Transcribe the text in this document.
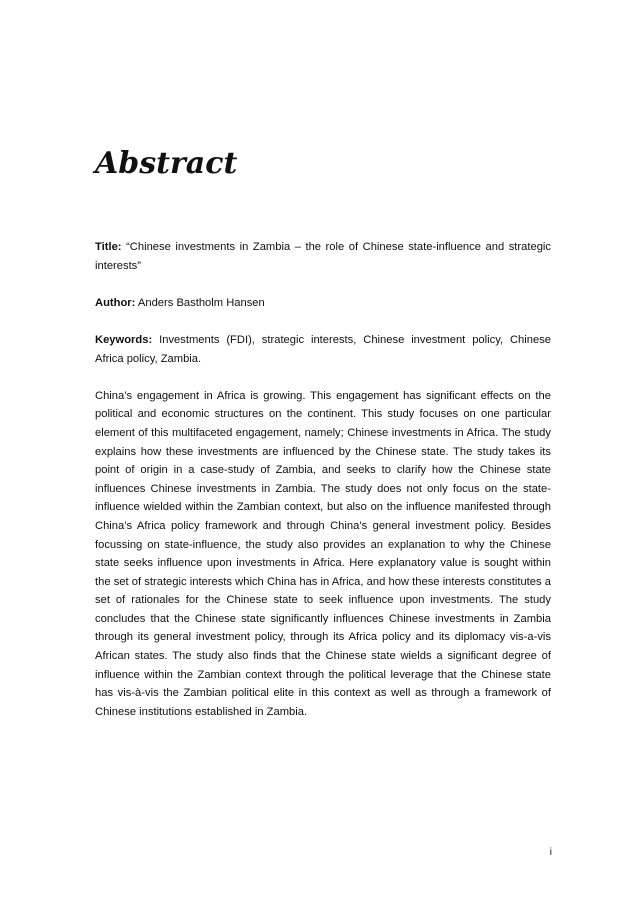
Abstract

Title: “Chinese investments in Zambia – the role of Chinese state-influence and strategic interests”

Author: Anders Bastholm Hansen

Keywords: Investments (FDI), strategic interests, Chinese investment policy, Chinese Africa policy, Zambia.

China’s engagement in Africa is growing. This engagement has significant effects on the political and economic structures on the continent. This study focuses on one particular element of this multifaceted engagement, namely; Chinese investments in Africa. The study explains how these investments are influenced by the Chinese state. The study takes its point of origin in a case-study of Zambia, and seeks to clarify how the Chinese state influences Chinese investments in Zambia. The study does not only focus on the state-influence wielded within the Zambian context, but also on the influence manifested through China’s Africa policy framework and through China’s general investment policy. Besides focussing on state-influence, the study also provides an explanation to why the Chinese state seeks influence upon investments in Africa. Here explanatory value is sought within the set of strategic interests which China has in Africa, and how these interests constitutes a set of rationales for the Chinese state to seek influence upon investments. The study concludes that the Chinese state significantly influences Chinese investments in Zambia through its general investment policy, through its Africa policy and its diplomacy vis-a-vis African states. The study also finds that the Chinese state wields a significant degree of influence within the Zambian context through the political leverage that the Chinese state has vis-à-vis the Zambian political elite in this context as well as through a framework of Chinese institutions established in Zambia.

i
